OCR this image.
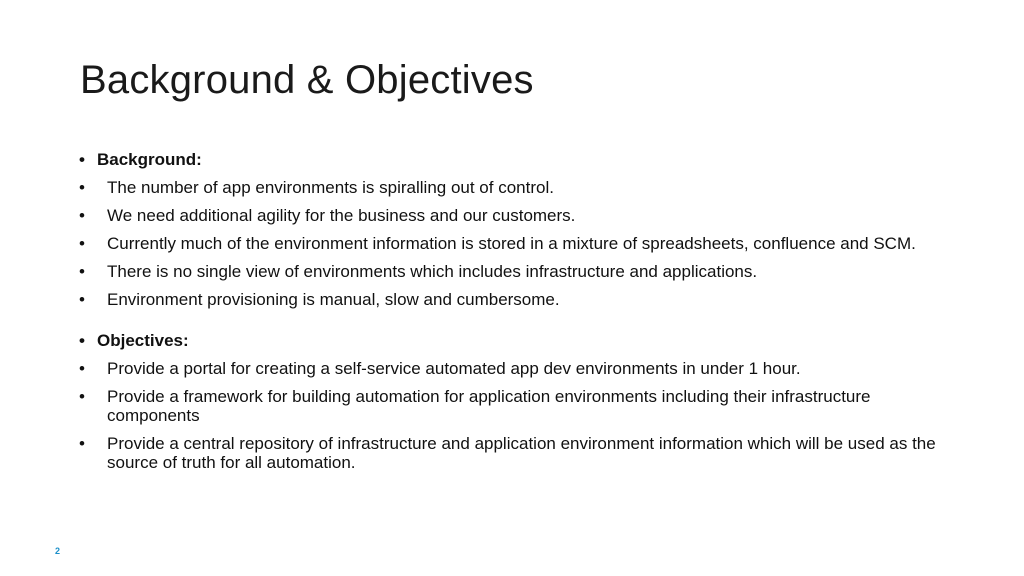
Background & Objectives
• Background:
• The number of app environments is spiralling out of control.
• We need additional agility for the business and our customers.
• Currently much of the environment information is stored in a mixture of spreadsheets, confluence and SCM.
• There is no single view of environments which includes infrastructure and applications.
• Environment provisioning is manual, slow and cumbersome.
• Objectives:
• Provide a portal for creating a self-service automated app dev environments in under 1 hour.
• Provide a framework for building automation for application environments including their infrastructure components
• Provide a central repository of infrastructure and application environment information which will be used as the source of truth for all automation.
2
